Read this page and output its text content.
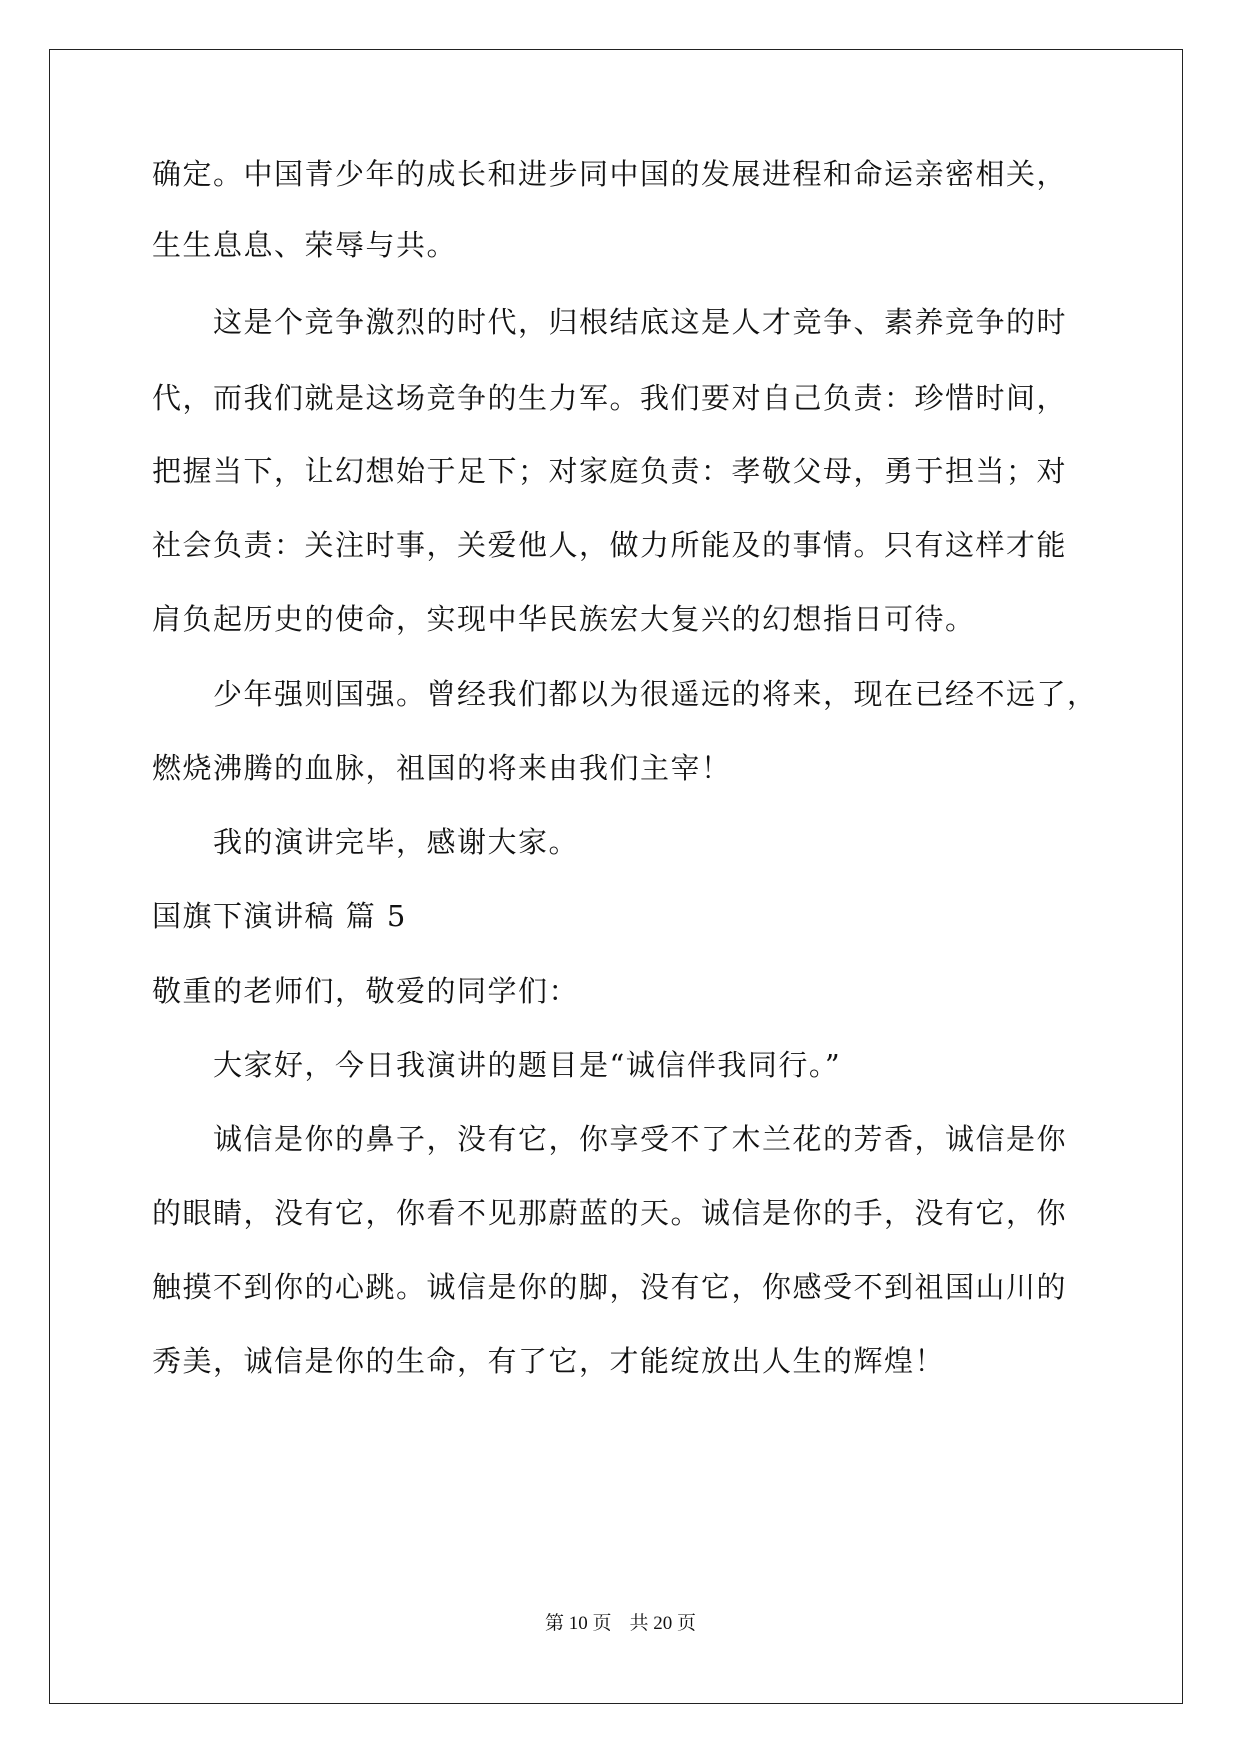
确定。中国青少年的成长和进步同中国的发展进程和命运亲密相关，
生生息息、荣辱与共。
这是个竞争激烈的时代，归根结底这是人才竞争、素养竞争的时
代，而我们就是这场竞争的生力军。我们要对自己负责：珍惜时间，
把握当下，让幻想始于足下；对家庭负责：孝敬父母，勇于担当；对
社会负责：关注时事，关爱他人，做力所能及的事情。只有这样才能
肩负起历史的使命，实现中华民族宏大复兴的幻想指日可待。
少年强则国强。曾经我们都以为很遥远的将来，现在已经不远了，
燃烧沸腾的血脉，祖国的将来由我们主宰！
我的演讲完毕，感谢大家。
国旗下演讲稿 篇 5
敬重的老师们，敬爱的同学们：
大家好，今日我演讲的题目是“诚信伴我同行。”
诚信是你的鼻子，没有它，你享受不了木兰花的芳香，诚信是你
的眼睛，没有它，你看不见那蔚蓝的天。诚信是你的手，没有它，你
触摸不到你的心跳。诚信是你的脚，没有它，你感受不到祖国山川的
秀美，诚信是你的生命，有了它，才能绽放出人生的辉煌！
第 10 页 共 20 页
